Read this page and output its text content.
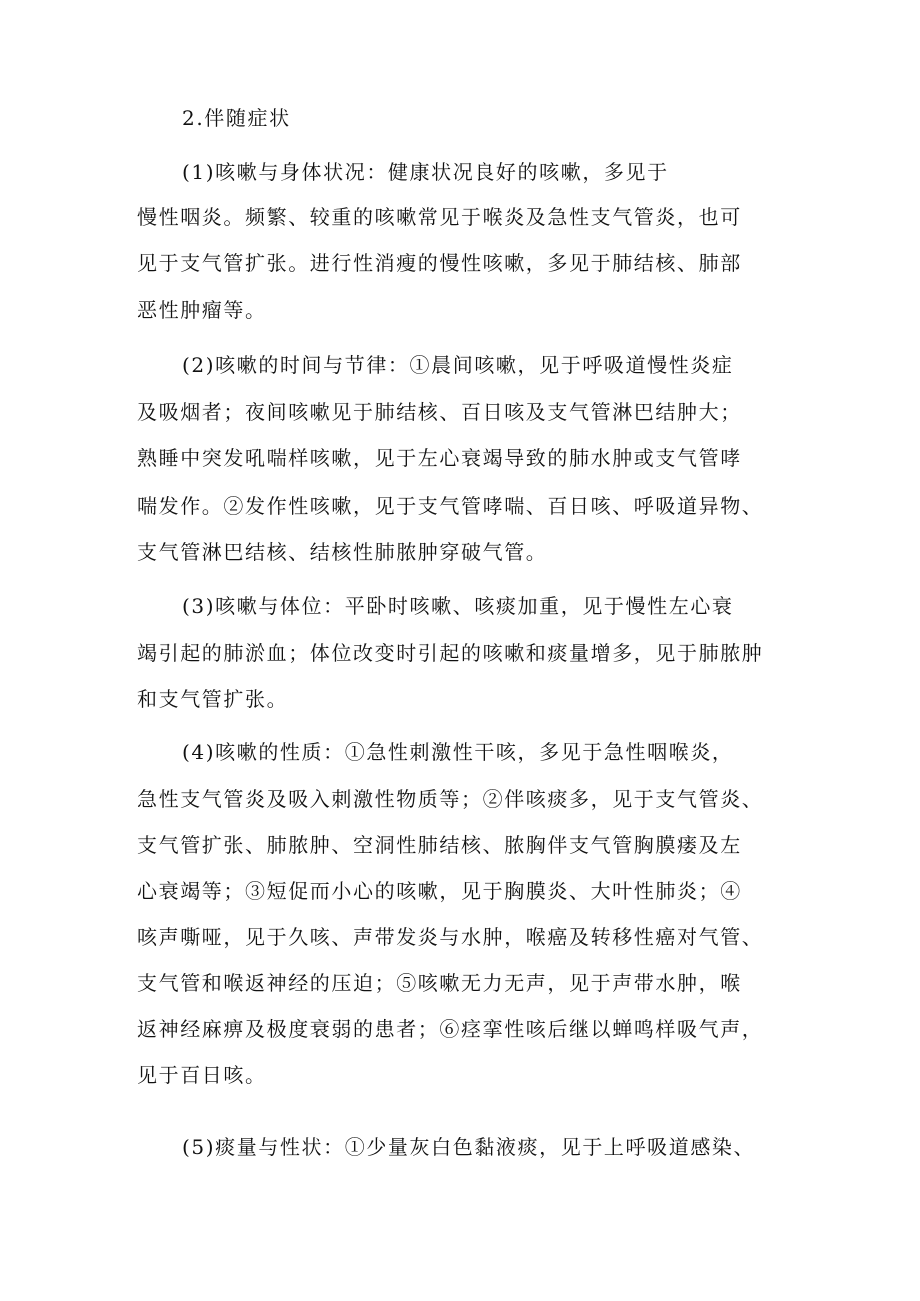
2.伴随症状
(1)咳嗽与身体状况：健康状况良好的咳嗽，多见于
慢性咽炎。频繁、较重的咳嗽常见于喉炎及急性支气管炎，也可
见于支气管扩张。进行性消瘦的慢性咳嗽，多见于肺结核、肺部
恶性肿瘤等。
(2)咳嗽的时间与节律：①晨间咳嗽，见于呼吸道慢性炎症
及吸烟者；夜间咳嗽见于肺结核、百日咳及支气管淋巴结肿大；
熟睡中突发吼喘样咳嗽，见于左心衰竭导致的肺水肿或支气管哮
喘发作。②发作性咳嗽，见于支气管哮喘、百日咳、呼吸道异物、
支气管淋巴结核、结核性肺脓肿穿破气管。
(3)咳嗽与体位：平卧时咳嗽、咳痰加重，见于慢性左心衰
竭引起的肺淤血；体位改变时引起的咳嗽和痰量增多，见于肺脓肿
和支气管扩张。
(4)咳嗽的性质：①急性刺激性干咳，多见于急性咽喉炎，
急性支气管炎及吸入刺激性物质等；②伴咳痰多，见于支气管炎、
支气管扩张、肺脓肿、空洞性肺结核、脓胸伴支气管胸膜瘘及左
心衰竭等；③短促而小心的咳嗽，见于胸膜炎、大叶性肺炎；④
咳声嘶哑，见于久咳、声带发炎与水肿，喉癌及转移性癌对气管、
支气管和喉返神经的压迫；⑤咳嗽无力无声，见于声带水肿，喉
返神经麻痹及极度衰弱的患者；⑥痉挛性咳后继以蝉鸣样吸气声，
见于百日咳。
(5)痰量与性状：①少量灰白色黏液痰，见于上呼吸道感染、
